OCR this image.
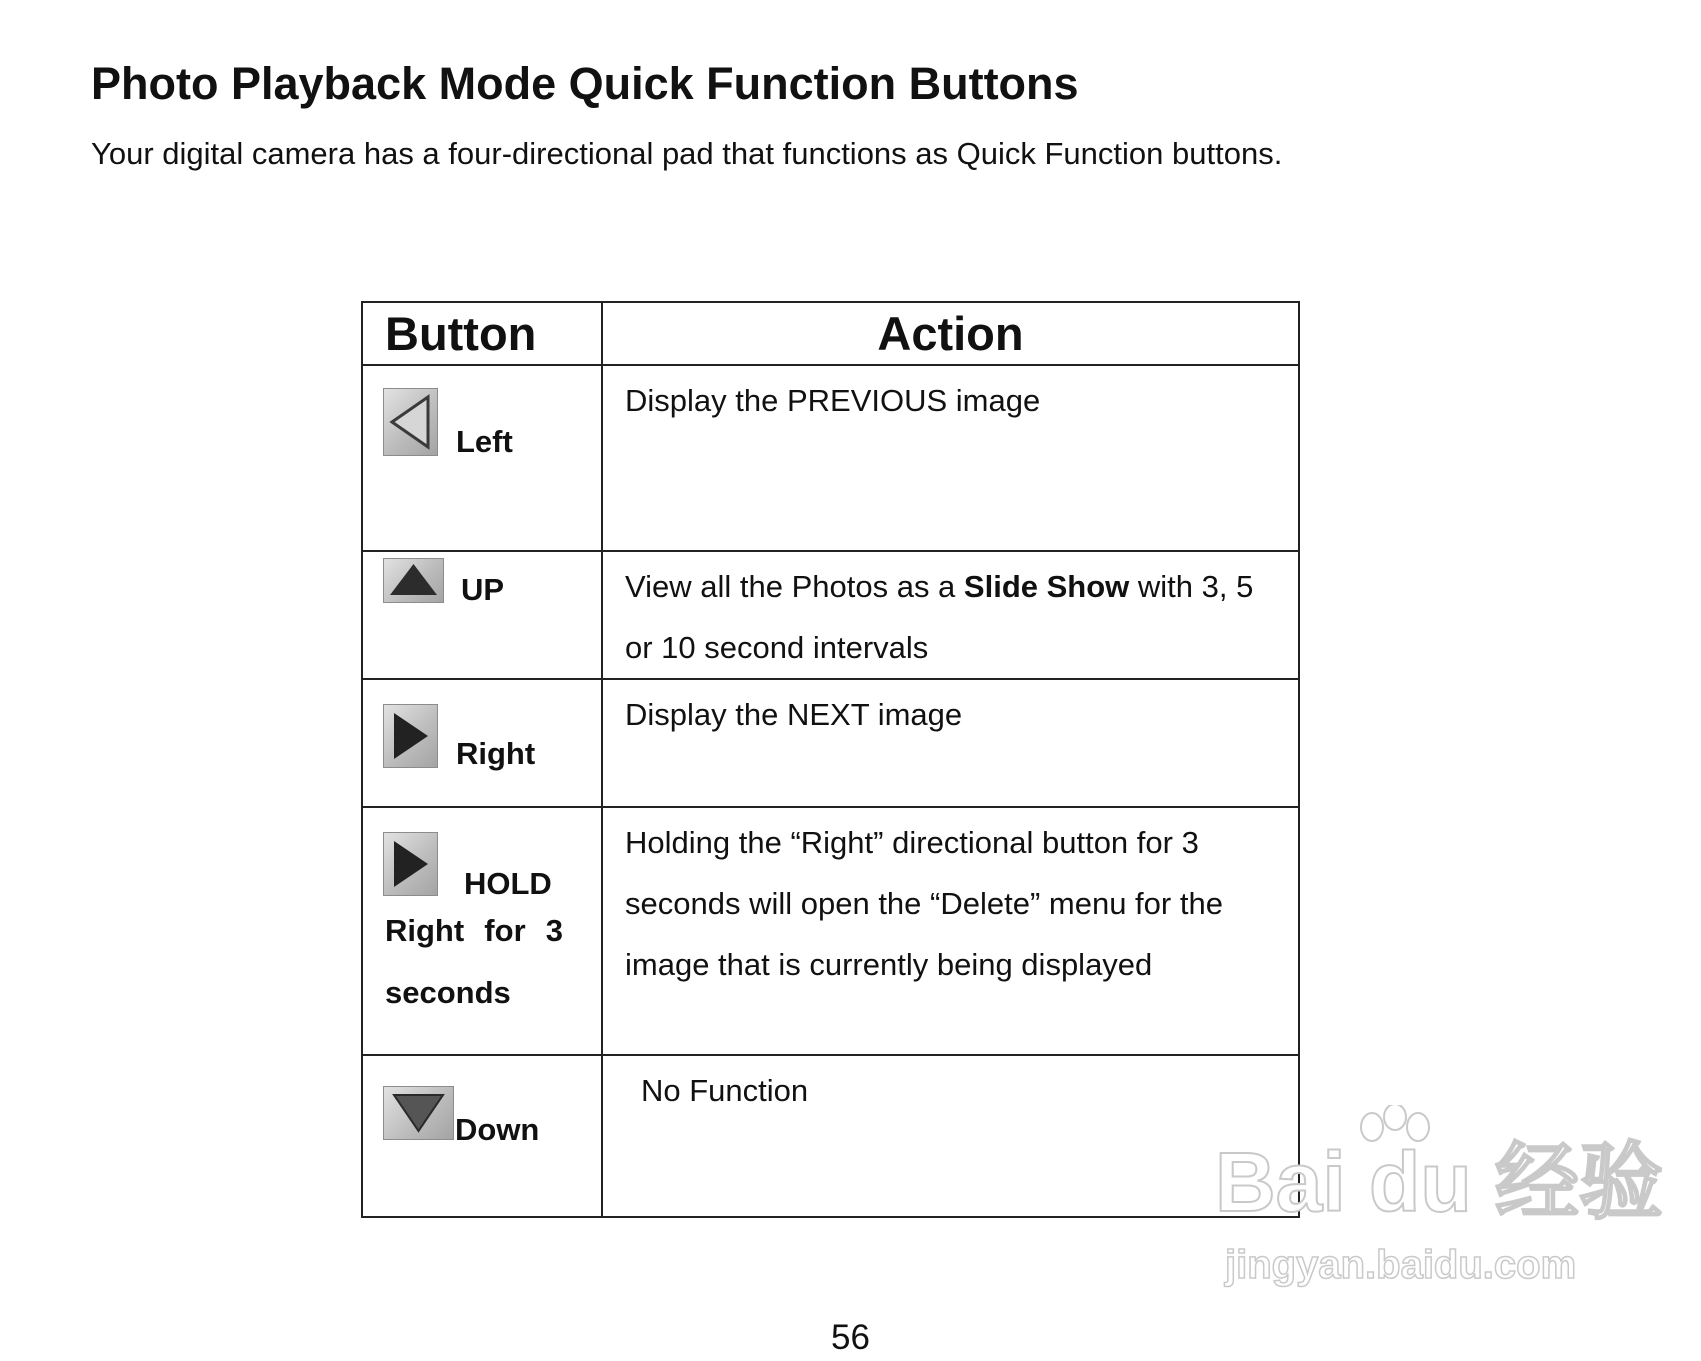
Photo Playback Mode Quick Function Buttons

Your digital camera has a four-directional pad that functions as Quick Function buttons.

Button	Action

Left	Display the PREVIOUS image

UP	View all the Photos as a Slide Show with 3, 5
or 10 second intervals

Right	Display the NEXT image

HOLD
Right for 3 seconds	Holding the “Right” directional button for 3
seconds will open the “Delete” menu for the
image that is currently being displayed

Down	No Function
Bai du 经验
jingyan.baidu.com
56
